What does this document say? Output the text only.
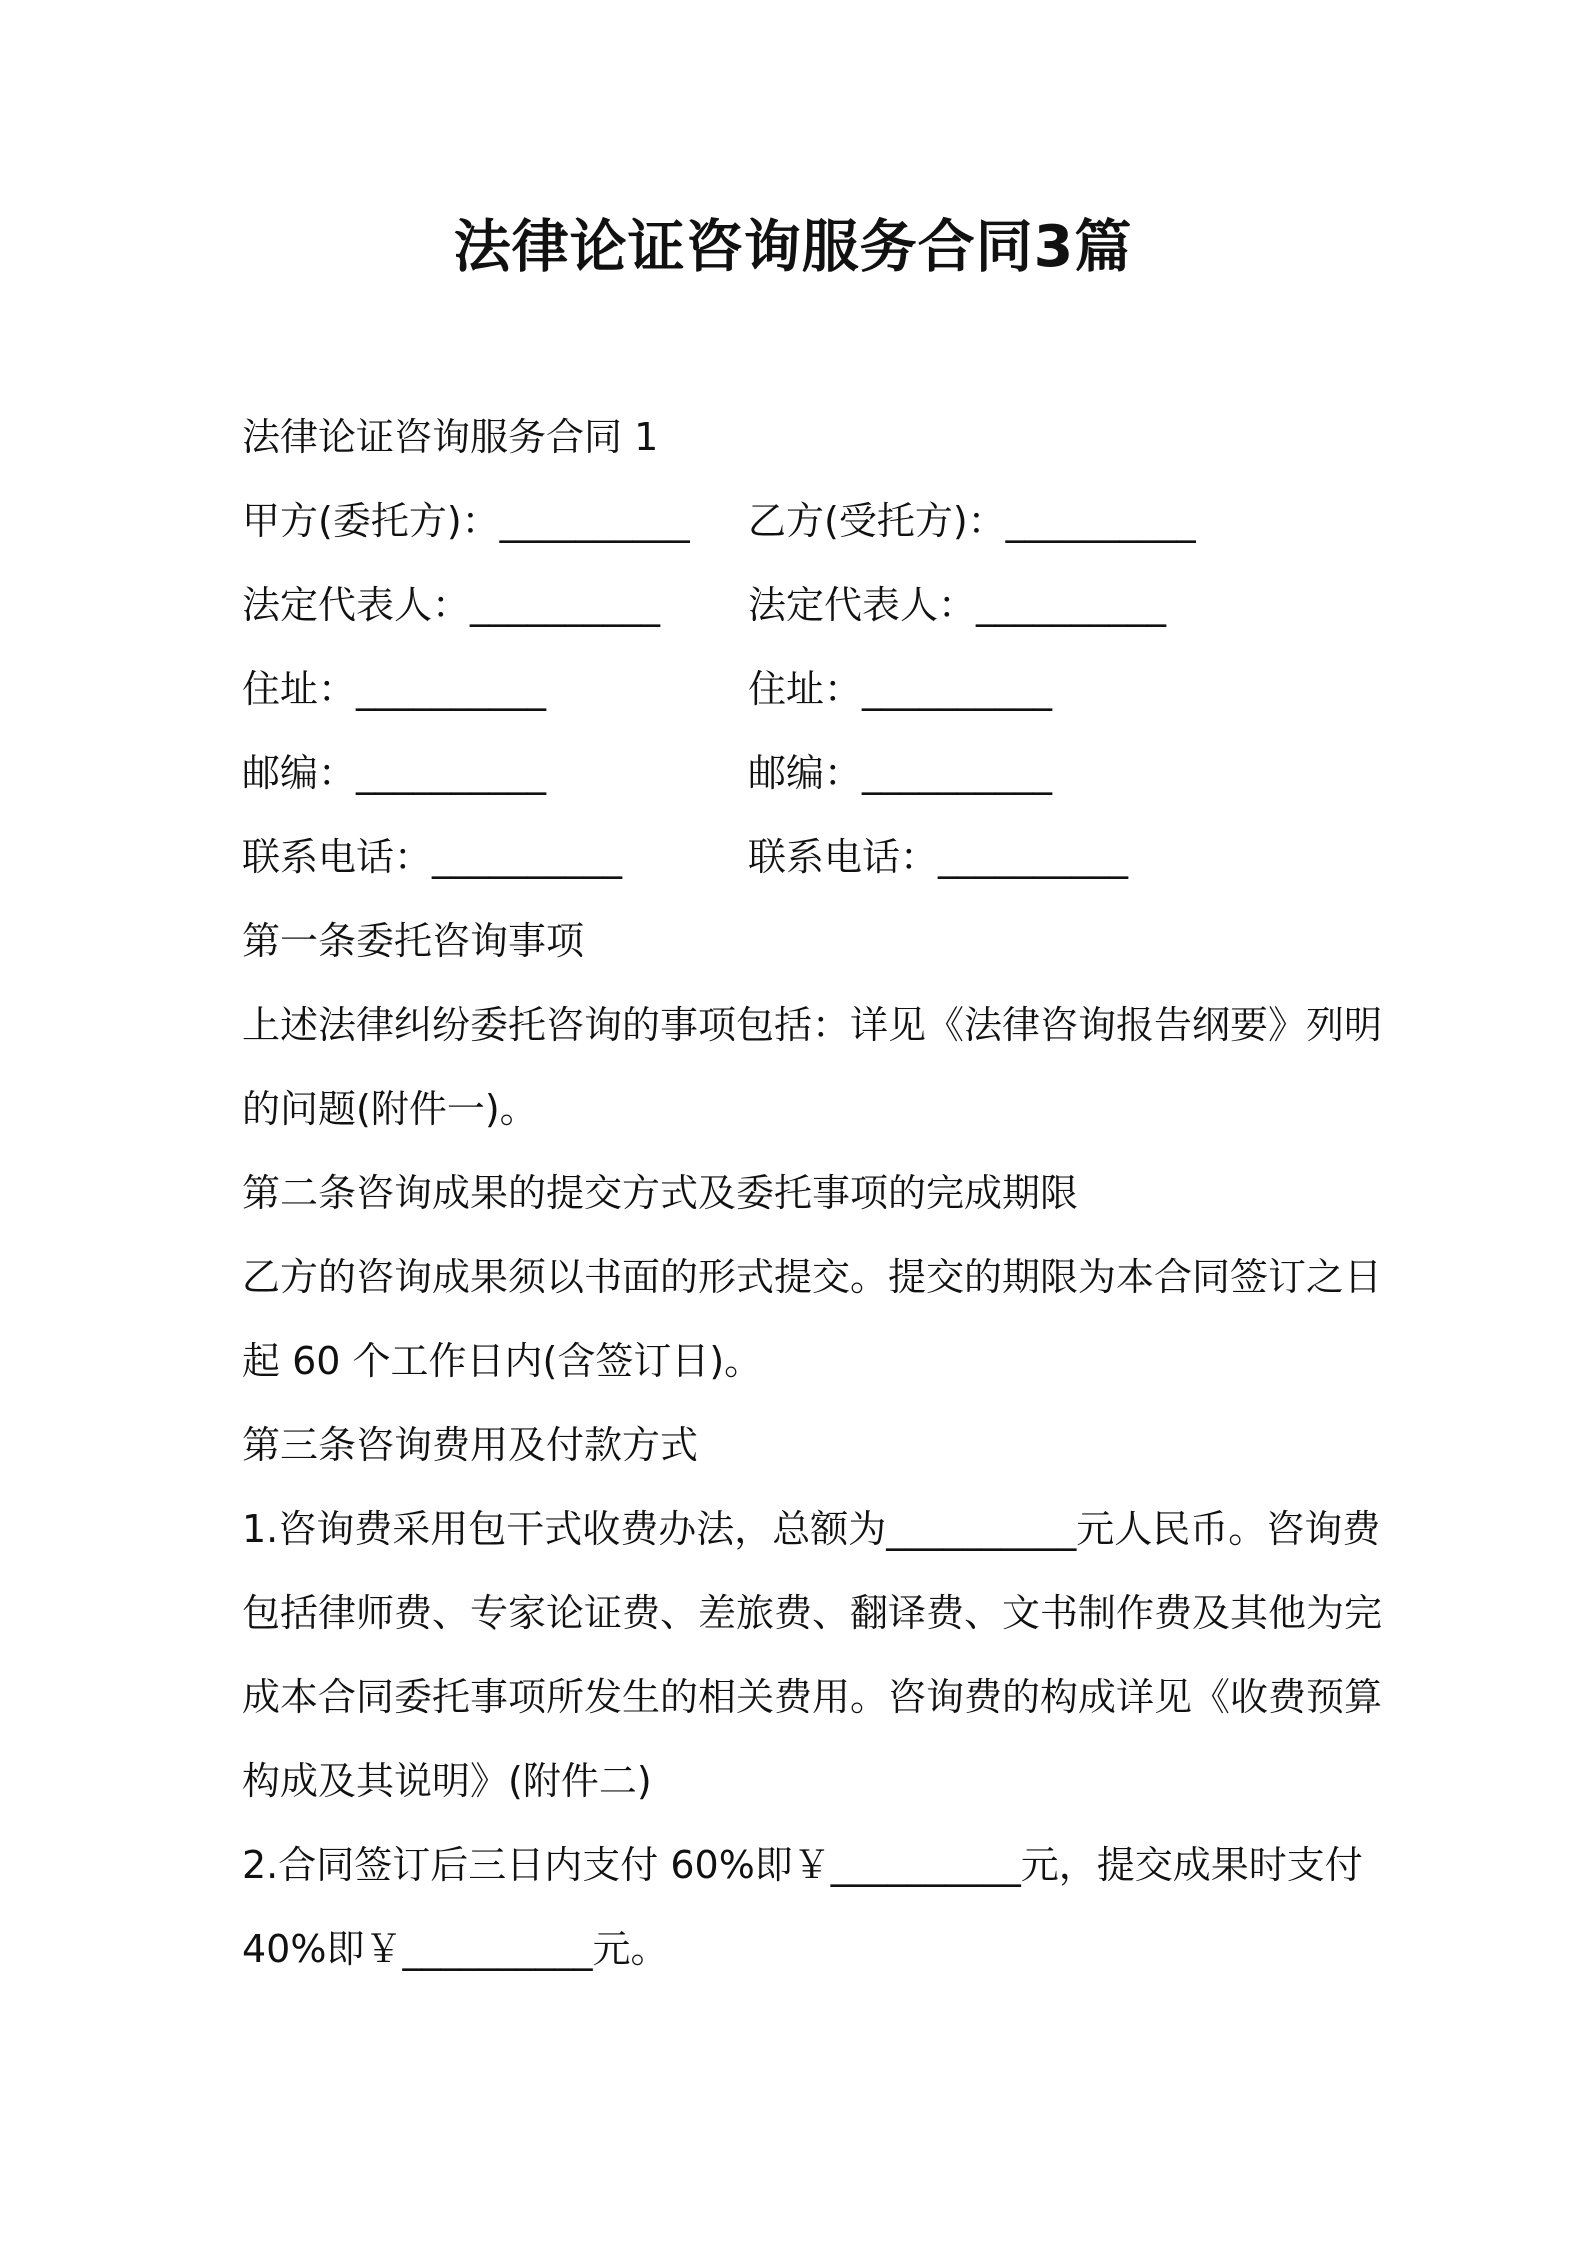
法律论证咨询服务合同3篇

法律论证咨询服务合同 1

甲方(委托方)：__________ 乙方(受托方)：__________

法定代表人：__________ 法定代表人：__________

住址：__________	住址：__________

邮编：__________	邮编：__________

联系电话：__________	联系电话：__________

第一条委托咨询事项

上述法律纠纷委托咨询的事项包括：详见《法律咨询报告纲要》列明

的问题(附件一)。

第二条咨询成果的提交方式及委托事项的完成期限

乙方的咨询成果须以书面的形式提交。提交的期限为本合同签订之日

起 60 个工作日内(含签订日)。

第三条咨询费用及付款方式

1.咨询费采用包干式收费办法，总额为__________元人民币。咨询费

包括律师费、专家论证费、差旅费、翻译费、文书制作费及其他为完

成本合同委托事项所发生的相关费用。咨询费的构成详见《收费预算

构成及其说明》(附件二)

2.合同签订后三日内支付 60%即￥__________元，提交成果时支付

40%即￥__________元。
